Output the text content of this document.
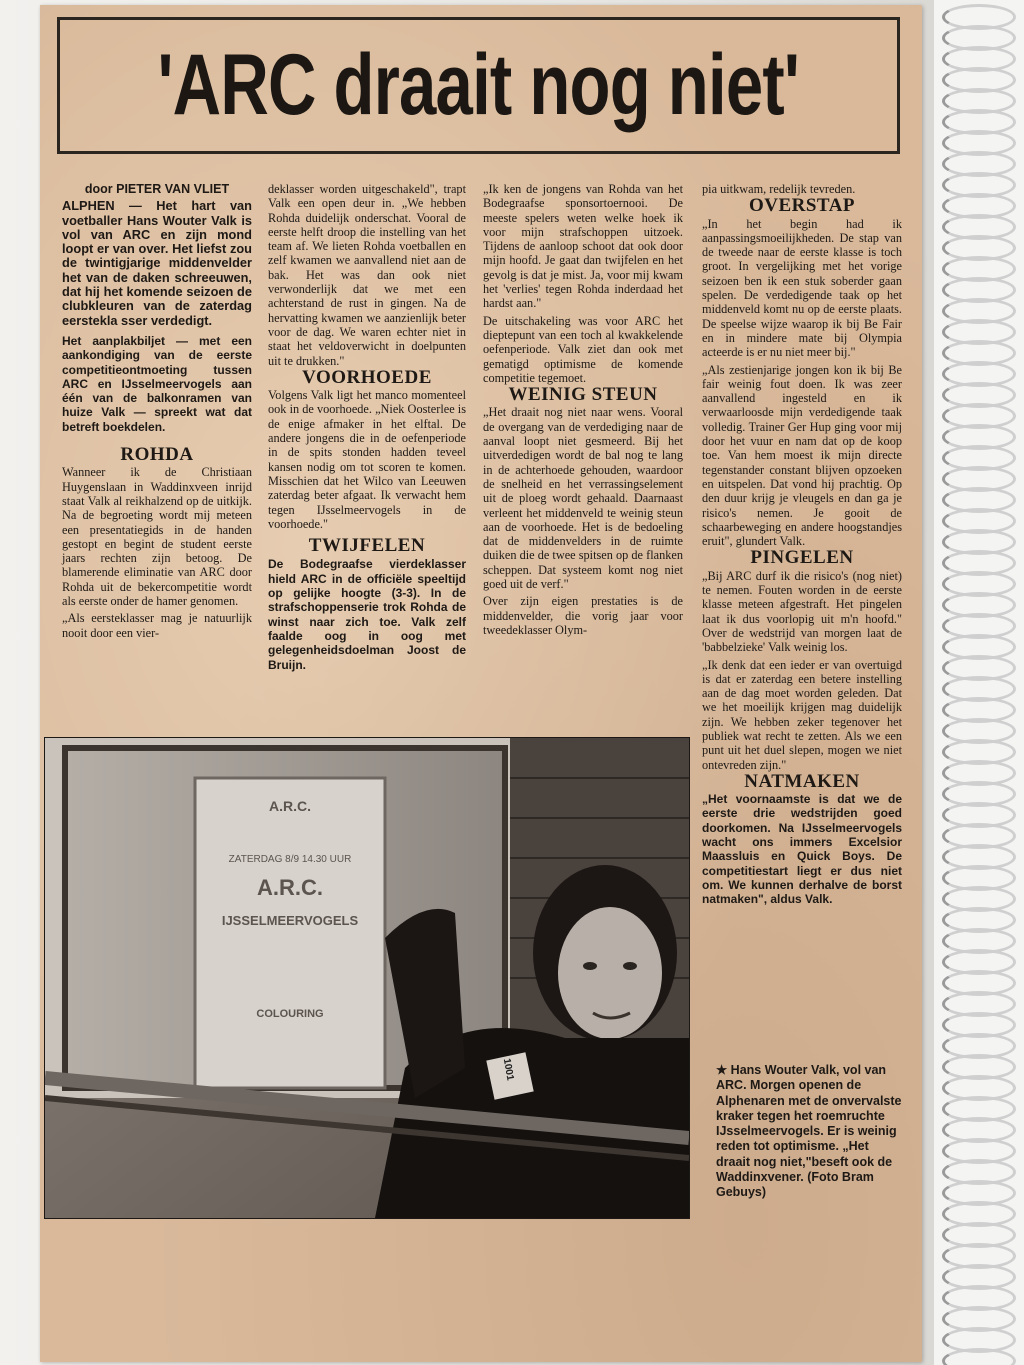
'ARC draait nog niet'

door PIETER VAN VLIET

ALPHEN — Het hart van voetballer Hans Wouter Valk is vol van ARC en zijn mond loopt er van over. Het liefst zou de twintigjarige middenvelder het van de daken schreeuwen, dat hij het komende seizoen de clubkleuren van de zaterdag eerstekla sser verdedigt.

Het aanplakbiljet — met een aankondiging van de eerste competitieontmoeting tussen ARC en IJsselmeervogels aan één van de balkonramen van huize Valk — spreekt wat dat betreft boekdelen.

ROHDA

Wanneer ik de Christiaan Huygenslaan in Waddinxveen inrijd staat Valk al reikhalzend op de uitkijk. Na de begroeting wordt mij meteen een presentatiegids in de handen gestopt en begint de student eerste jaars rechten zijn betoog. De blamerende eliminatie van ARC door Rohda uit de bekercompetitie wordt als eerste onder de hamer genomen.

„Als eersteklasser mag je natuurlijk nooit door een vier-

deklasser worden uitgeschakeld", trapt Valk een open deur in. „We hebben Rohda duidelijk onderschat. Vooral de eerste helft droop die instelling van het team af. We lieten Rohda voetballen en zelf kwamen we aanvallend niet aan de bak. Het was dan ook niet verwonderlijk dat we met een achterstand de rust in gingen. Na de hervatting kwamen we aanzienlijk beter voor de dag. We waren echter niet in staat het veldoverwicht in doelpunten uit te drukken."

VOORHOEDE

Volgens Valk ligt het manco momenteel ook in de voorhoede. „Niek Oosterlee is de enige afmaker in het elftal. De andere jongens die in de oefenperiode in de spits stonden hadden teveel kansen nodig om tot scoren te komen. Misschien dat het Wilco van Leeuwen zaterdag beter afgaat. Ik verwacht hem tegen IJsselmeervogels in de voorhoede."

TWIJFELEN

De Bodegraafse vierdeklasser hield ARC in de officiële speeltijd op gelijke hoogte (3-3). In de strafschoppenserie trok Rohda de winst naar zich toe. Valk zelf faalde oog in oog met gelegenheidsdoelman Joost de Bruijn.

„Ik ken de jongens van Rohda van het Bodegraafse sponsortoernooi. De meeste spelers weten welke hoek ik voor mijn strafschoppen uitzoek. Tijdens de aanloop schoot dat ook door mijn hoofd. Je gaat dan twijfelen en het gevolg is dat je mist. Ja, voor mij kwam het 'verlies' tegen Rohda inderdaad het hardst aan."

De uitschakeling was voor ARC het dieptepunt van een toch al kwakkelende oefenperiode. Valk ziet dan ook met gematigd optimisme de komende competitie tegemoet.

WEINIG STEUN

„Het draait nog niet naar wens. Vooral de overgang van de verdediging naar de aanval loopt niet gesmeerd. Bij het uitverdedigen wordt de bal nog te lang in de achterhoede gehouden, waardoor de snelheid en het verrassingselement uit de ploeg wordt gehaald. Daarnaast verleent het middenveld te weinig steun aan de voorhoede. Het is de bedoeling dat de middenvelders in de ruimte duiken die de twee spitsen op de flanken scheppen. Dat systeem komt nog niet goed uit de verf."

Over zijn eigen prestaties is de middenvelder, die vorig jaar voor tweedeklasser Olym-

pia uitkwam, redelijk tevreden.

OVERSTAP

„In het begin had ik aanpassingsmoeilijkheden. De stap van de tweede naar de eerste klasse is toch groot. In vergelijking met het vorige seizoen ben ik een stuk soberder gaan spelen. De verdedigende taak op het middenveld komt nu op de eerste plaats. De speelse wijze waarop ik bij Be Fair en in mindere mate bij Olympia acteerde is er nu niet meer bij."

„Als zestienjarige jongen kon ik bij Be fair weinig fout doen. Ik was zeer aanvallend ingesteld en ik verwaarloosde mijn verdedigende taak volledig. Trainer Ger Hup ging voor mij door het vuur en nam dat op de koop toe. Van hem moest ik mijn directe tegenstander constant blijven opzoeken en uitspelen. Dat vond hij prachtig. Op den duur krijg je vleugels en dan ga je risico's nemen. Je gooit de schaarbeweging en andere hoogstandjes eruit", glundert Valk.

PINGELEN

„Bij ARC durf ik die risico's (nog niet) te nemen. Fouten worden in de eerste klasse meteen afgestraft. Het pingelen laat ik dus voorlopig uit m'n hoofd." Over de wedstrijd van morgen laat de 'babbelzieke' Valk weinig los.

„Ik denk dat een ieder er van overtuigd is dat er zaterdag een betere instelling aan de dag moet worden geleden. Dat we het moeilijk krijgen mag duidelijk zijn. We hebben zeker tegenover het publiek wat recht te zetten. Als we een punt uit het duel slepen, mogen we niet ontevreden zijn."

NATMAKEN

„Het voornaamste is dat we de eerste drie wedstrijden goed doorkomen. Na IJsselmeervogels wacht ons immers Excelsior Maassluis en Quick Boys. De competitiestart liegt er dus niet om. We kunnen derhalve de borst natmaken", aldus Valk.

A.R.C.
ZATERDAG 8/9 14.30 UUR
A.R.C.
IJSSELMEERVOGELS
COLOURING
1001	★ Hans Wouter Valk, vol van ARC. Morgen openen de Alphenaren met de onvervalste kraker tegen het roemruchte IJsselmeervogels. Er is weinig reden tot optimisme. „Het draait nog niet,"beseft ook de Waddinxvener. (Foto Bram Gebuys)
